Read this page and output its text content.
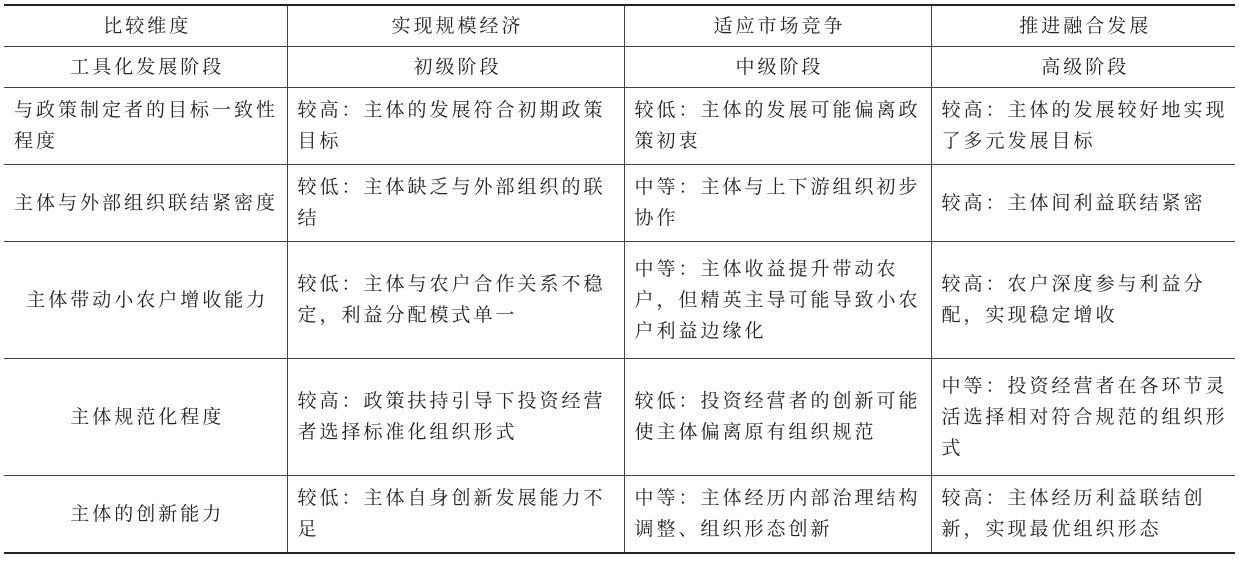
比较维度	实现规模经济	适应市场竞争	推进融合发展
工具化发展阶段	初级阶段	中级阶段	高级阶段
与政策制定者的目标一致性程度	较高：主体的发展符合初期政策目标	较低：主体的发展可能偏离政策初衷	较高：主体的发展较好地实现了多元发展目标
主体与外部组织联结紧密度	较低：主体缺乏与外部组织的联结	中等：主体与上下游组织初步协作	较高：主体间利益联结紧密
主体带动小农户增收能力	较低：主体与农户合作关系不稳定，利益分配模式单一	中等：主体收益提升带动农户，但精英主导可能导致小农户利益边缘化	较高：农户深度参与利益分配，实现稳定增收
主体规范化程度	较高：政策扶持引导下投资经营者选择标准化组织形式	较低：投资经营者的创新可能使主体偏离原有组织规范	中等：投资经营者在各环节灵活选择相对符合规范的组织形式
主体的创新能力	较低：主体自身创新发展能力不足	中等：主体经历内部治理结构调整、组织形态创新	较高：主体经历利益联结创新，实现最优组织形态
